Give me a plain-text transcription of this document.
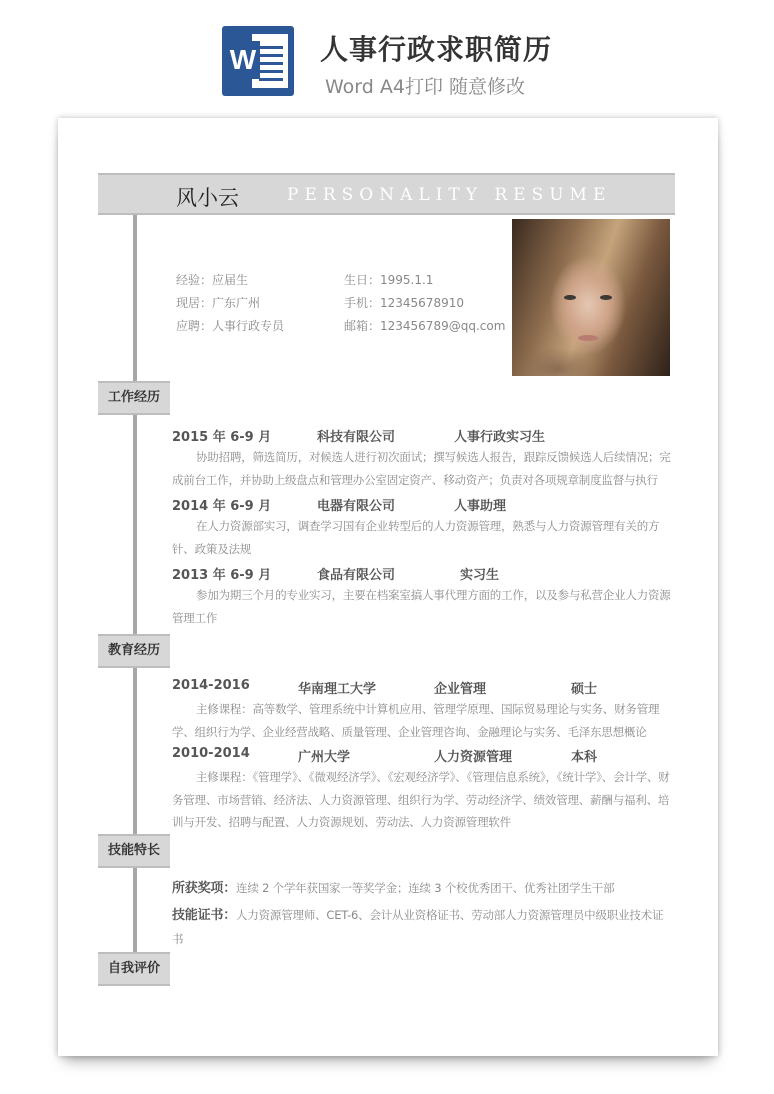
W 人事行政求职简历
Word A4打印 随意修改
风小云	PERSONALITY RESUME
经验：应届生
现居：广东广州
应聘：人事行政专员
生日：1995.1.1
手机：12345678910
邮箱：123456789@qq.com
工作经历
2015 年 6-9 月	科技有限公司	人事行政实习生
协助招聘，筛选简历，对候选人进行初次面试；撰写候选人报告，跟踪反馈候选人后续情况；完成前台工作，并协助上级盘点和管理办公室固定资产、移动资产；负责对各项规章制度监督与执行
2014 年 6-9 月	电器有限公司	人事助理
在人力资源部实习，调查学习国有企业转型后的人力资源管理，熟悉与人力资源管理有关的方针、政策及法规
2013 年 6-9 月	食品有限公司	实习生
参加为期三个月的专业实习，主要在档案室搞人事代理方面的工作，以及参与私营企业人力资源管理工作
教育经历
2014-2016	华南理工大学	企业管理	硕士
主修课程：高等数学、管理系统中计算机应用、管理学原理、国际贸易理论与实务、财务管理学、组织行为学、企业经营战略、质量管理、企业管理咨询、金融理论与实务、毛泽东思想概论
2010-2014	广州大学	人力资源管理	本科
主修课程：《管理学》、《微观经济学》、《宏观经济学》、《管理信息系统》，《统计学》、会计学、财务管理、市场营销、经济法、人力资源管理、组织行为学、劳动经济学、绩效管理、薪酬与福利、培训与开发、招聘与配置、人力资源规划、劳动法、人力资源管理软件
技能特长
所获奖项：连续 2 个学年获国家一等奖学金；连续 3 个校优秀团干、优秀社团学生干部
技能证书：人力资源管理师、CET-6、会计从业资格证书、劳动部人力资源管理员中级职业技术证书
自我评价
